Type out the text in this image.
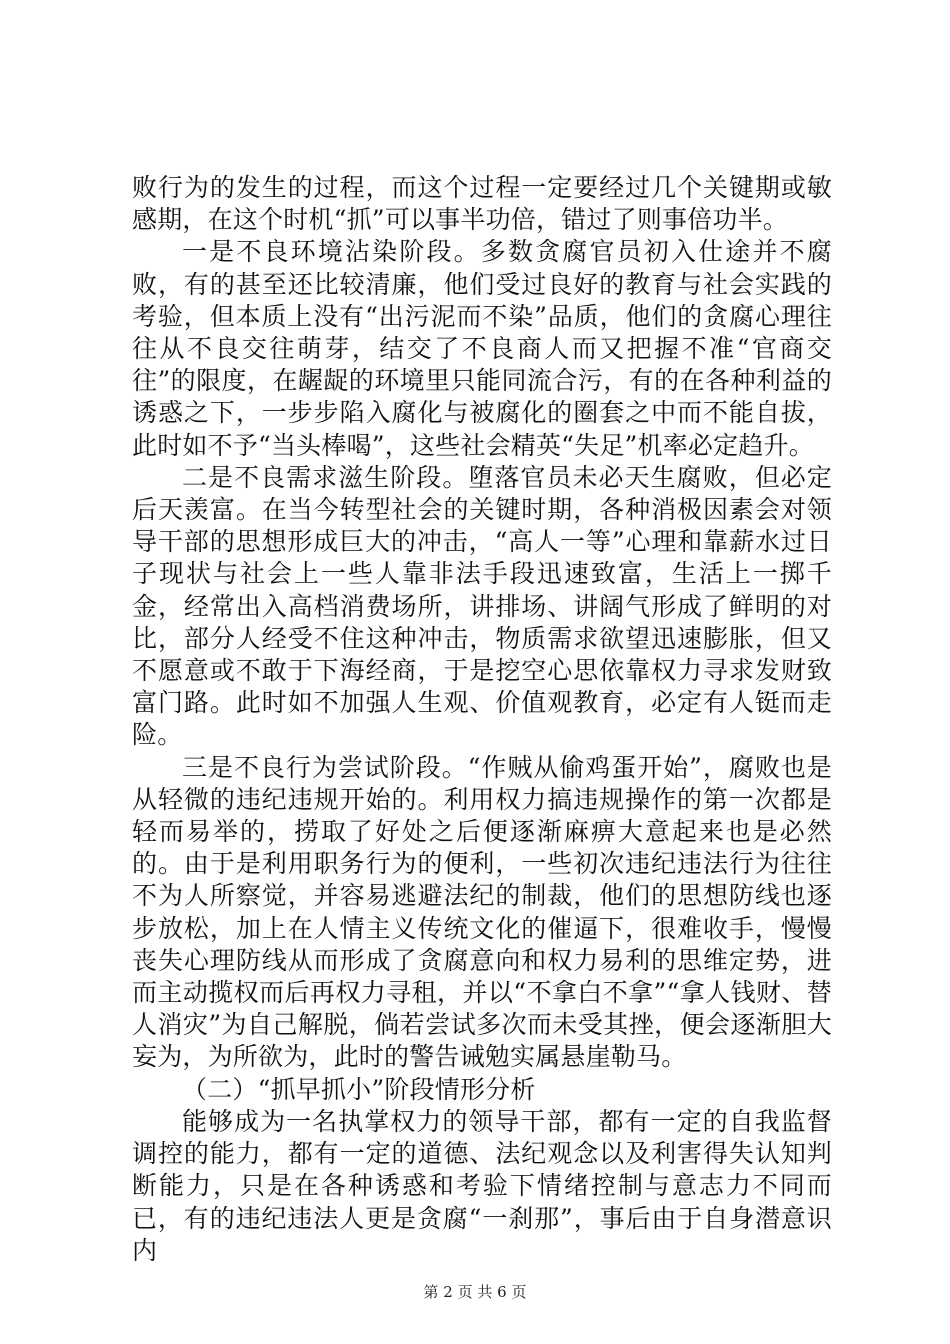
败行为的发生的过程，而这个过程一定要经过几个关键期或敏感期，在这个时机“抓”可以事半功倍，错过了则事倍功半。

一是不良环境沾染阶段。多数贪腐官员初入仕途并不腐败，有的甚至还比较清廉，他们受过良好的教育与社会实践的考验，但本质上没有“出污泥而不染”品质，他们的贪腐心理往往从不良交往萌芽，结交了不良商人而又把握不准“官商交往”的限度，在龌龊的环境里只能同流合污，有的在各种利益的诱惑之下，一步步陷入腐化与被腐化的圈套之中而不能自拔，此时如不予“当头棒喝”，这些社会精英“失足”机率必定趋升。

二是不良需求滋生阶段。堕落官员未必天生腐败，但必定后天羡富。在当今转型社会的关键时期，各种消极因素会对领导干部的思想形成巨大的冲击，“高人一等”心理和靠薪水过日子现状与社会上一些人靠非法手段迅速致富，生活上一掷千金，经常出入高档消费场所，讲排场、讲阔气形成了鲜明的对比，部分人经受不住这种冲击，物质需求欲望迅速膨胀，但又不愿意或不敢于下海经商，于是挖空心思依靠权力寻求发财致富门路。此时如不加强人生观、价值观教育，必定有人铤而走险。

三是不良行为尝试阶段。“作贼从偷鸡蛋开始”，腐败也是从轻微的违纪违规开始的。利用权力搞违规操作的第一次都是轻而易举的，捞取了好处之后便逐渐麻痹大意起来也是必然的。由于是利用职务行为的便利，一些初次违纪违法行为往往不为人所察觉，并容易逃避法纪的制裁，他们的思想防线也逐步放松，加上在人情主义传统文化的催逼下，很难收手，慢慢丧失心理防线从而形成了贪腐意向和权力易利的思维定势，进而主动揽权而后再权力寻租，并以“不拿白不拿”“拿人钱财、替人消灾”为自己解脱，倘若尝试多次而未受其挫，便会逐渐胆大妄为，为所欲为，此时的警告诫勉实属悬崖勒马。

（二）“抓早抓小”阶段情形分析

能够成为一名执掌权力的领导干部，都有一定的自我监督调控的能力，都有一定的道德、法纪观念以及利害得失认知判断能力，只是在各种诱惑和考验下情绪控制与意志力不同而已，有的违纪违法人更是贪腐“一刹那”，事后由于自身潜意识内

第 2 页 共 6 页
